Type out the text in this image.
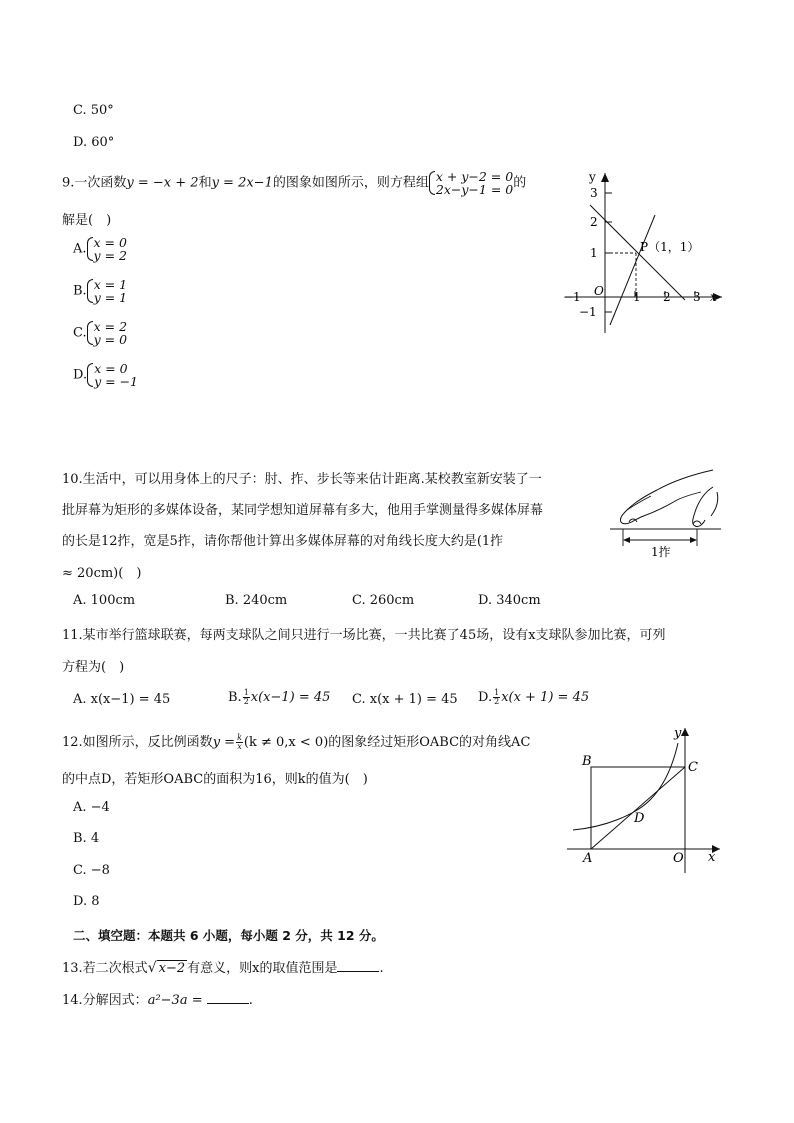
C. 50°
D. 60°
9.一次函数y = −x + 2和y = 2x−1的图象如图所示，则方程组 x + y−2 = 0
2x−y−1 = 0 的
解是(　)
A. x = 0
y = 2
B. x = 1
y = 1
C. x = 2
y = 0
D. x = 0
y = −1
y
x
3
2
1
−1
−1	1 2 3
O
P（1，1）
10.生活中，可以用身体上的尺子：肘、拃、步长等来估计距离.某校教室新安装了一
批屏幕为矩形的多媒体设备，某同学想知道屏幕有多大，他用手掌测量得多媒体屏幕
的长是12拃，宽是5拃，请你帮他计算出多媒体屏幕的对角线长度大约是(1拃
≈ 20cm)(　)
A. 100cm	B. 240cm	C. 260cm	D. 340cm
1拃
11.某市举行篮球联赛，每两支球队之间只进行一场比赛，一共比赛了45场，设有x支球队参加比赛，可列
方程为(　)
A. x(x−1) = 45	B. $\frac{1}{2} x(x-1) = 45$ C. x(x + 1) = 45 D. $\frac{1}{2} x(x + 1) = 45$
12.如图所示，反比例函数$y = \frac{k}{x} (k \ne 0,x < 0)$的图象经过矩形OABC的对角线AC
的中点D，若矩形OABC的面积为16，则k的值为(　)
A. −4
B. 4
C. −8
D. 8
B	C
D
A	O x
y
二、填空题：本题共 6 小题，每小题 2 分，共 12 分。
13.若二次根式√ x−2 有意义，则x的取值范围是	.
14.分解因式：a²−3a =	.
